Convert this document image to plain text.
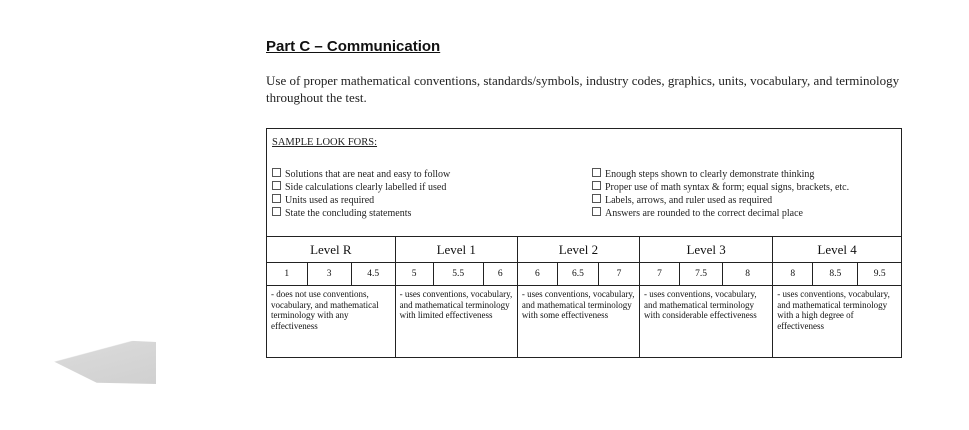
Part C – Communication
Use of proper mathematical conventions, standards/symbols, industry codes, graphics, units, vocabulary, and terminology throughout the test.
SAMPLE LOOK FORS:
Solutions that are neat and easy to follow
Side calculations clearly labelled if used
Units used as required
State the concluding statements
Enough steps shown to clearly demonstrate thinking
Proper use of math syntax & form; equal signs, brackets, etc.
Labels, arrows, and ruler used as required
Answers are rounded to the correct decimal place
Level R			Level 1			Level 2			Level 3			Level 4		
1	3	4.5	5	5.5	6	6	6.5	7	7	7.5	8	8	8.5	9.5
- does not use conventions, vocabulary, and mathematical terminology with any effectiveness			- uses conventions, vocabulary, and mathematical terminology with limited effectiveness			- uses conventions, vocabulary, and mathematical terminology with some effectiveness			- uses conventions, vocabulary, and mathematical terminology with considerable effectiveness			- uses conventions, vocabulary, and mathematical terminology with a high degree of effectiveness		
